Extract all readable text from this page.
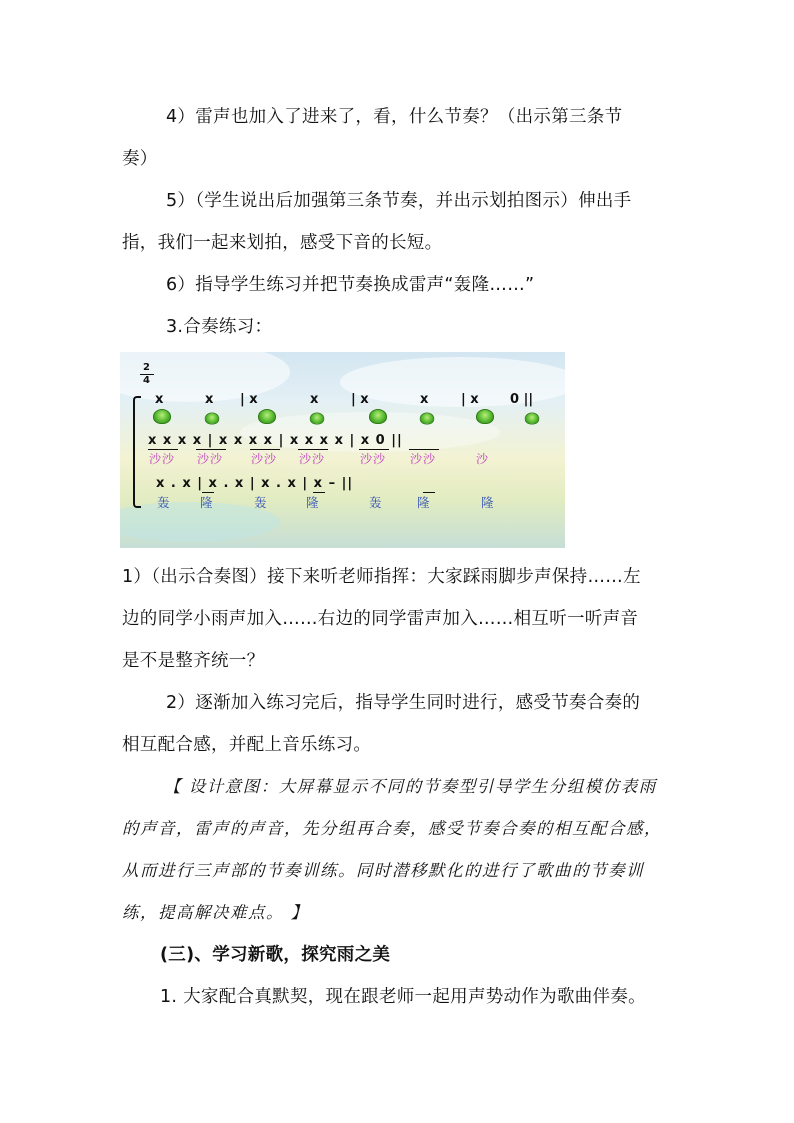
4）雷声也加入了进来了，看，什么节奏？（出示第三条节
奏）
5）（学生说出后加强第三条节奏，并出示划拍图示）伸出手
指，我们一起来划拍，感受下音的长短。
6）指导学生练习并把节奏换成雷声“轰隆……”
3.合奏练习：
2
4
x	x | x	x	| x	x	| x 0 ||
x x x x | x x x x | x x x x | x 0 ||
沙沙 沙沙 沙沙 沙沙	沙沙 沙沙	沙
x . x | x . x | x . x | x – ||
轰 隆	轰	隆	轰	隆	隆
1）（出示合奏图）接下来听老师指挥：大家踩雨脚步声保持……左
边的同学小雨声加入……右边的同学雷声加入……相互听一听声音
是不是整齐统一？
2）逐渐加入练习完后，指导学生同时进行，感受节奏合奏的
相互配合感，并配上音乐练习。
【 设计意图：大屏幕显示不同的节奏型引导学生分组模仿表雨
的声音，雷声的声音，先分组再合奏，感受节奏合奏的相互配合感，
从而进行三声部的节奏训练。同时潜移默化的进行了歌曲的节奏训
练，提高解决难点。 】
(三)、学习新歌，探究雨之美
1. 大家配合真默契，现在跟老师一起用声势动作为歌曲伴奏。
